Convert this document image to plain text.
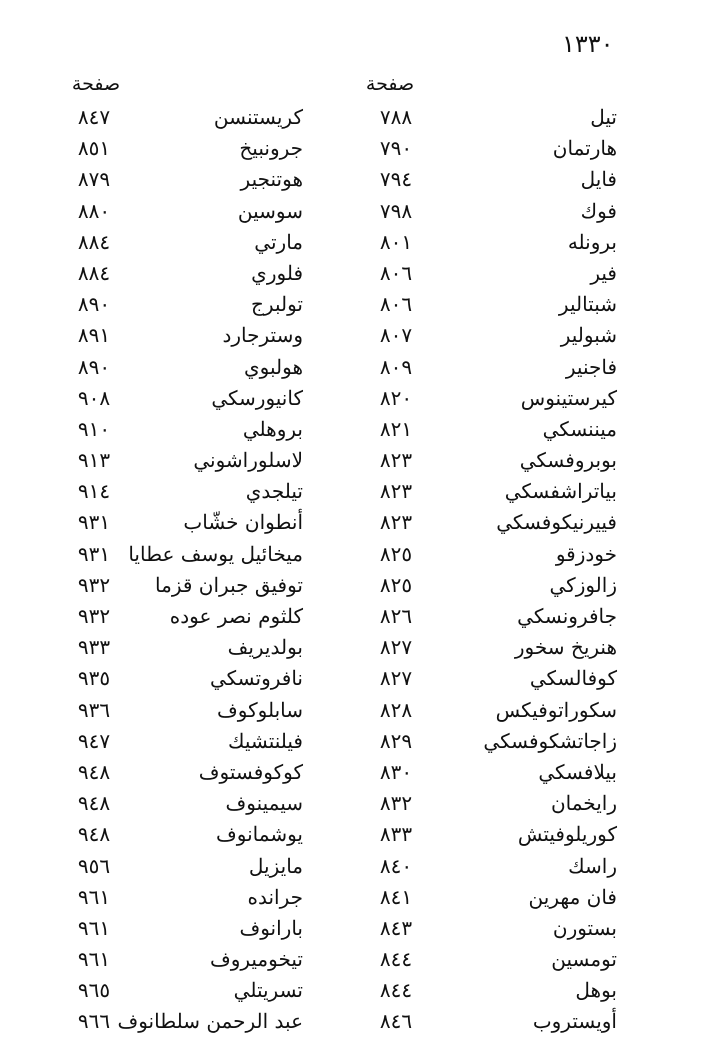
١٣٣٠
صفحة	صفحة
تيل
٧٨٨
كريستنسن
٨٤٧
هارتمان
٧٩٠
جرونبيخ
٨٥١
فايل
٧٩٤
هوتنجير
٨٧٩
فوك
٧٩٨
سوسين
٨٨٠
برونله
٨٠١
مارتي
٨٨٤
فير
٨٠٦
فلوري
٨٨٤
شبتالير
٨٠٦
تولبرج
٨٩٠
شبولير
٨٠٧
وسترجارد
٨٩١
فاجنير
٨٠٩
هولبوي
٨٩٠
كيرستينوس
٨٢٠
كانيورسكي
٩٠٨
ميننسكي
٨٢١
بروهلي
٩١٠
بوبروفسكي
٨٢٣
لاسلوراشوني
٩١٣
بياتراشفسكي
٨٢٣
تيلجدي
٩١٤
فييرنيكوفسكي
٨٢٣
أنطوان خشّاب
٩٣١
خودزقو
٨٢٥
ميخائيل يوسف عطايا
٩٣١
زالوزكي
٨٢٥
توفيق جبران قزما
٩٣٢
جافرونسكي
٨٢٦
كلثوم نصر عوده
٩٣٢
هنريخ سخور
٨٢٧
بولديريف
٩٣٣
كوفالسكي
٨٢٧
نافروتسكي
٩٣٥
سكوراتوفيكس
٨٢٨
سابلوكوف
٩٣٦
زاجاتشكوفسكي
٨٢٩
فيلنتشيك
٩٤٧
بيلافسكي
٨٣٠
كوكوفستوف
٩٤٨
رايخمان
٨٣٢
سيمينوف
٩٤٨
كوريلوفيتش
٨٣٣
يوشمانوف
٩٤٨
راسك
٨٤٠
مايزيل
٩٥٦
فان مهرين
٨٤١
جرانده
٩٦١
بستورن
٨٤٣
بارانوف
٩٦١
تومسين
٨٤٤
تيخوميروف
٩٦١
بوهل
٨٤٤
تسريتلي
٩٦٥
أويستروب
٨٤٦
عبد الرحمن سلطانوف
٩٦٦
